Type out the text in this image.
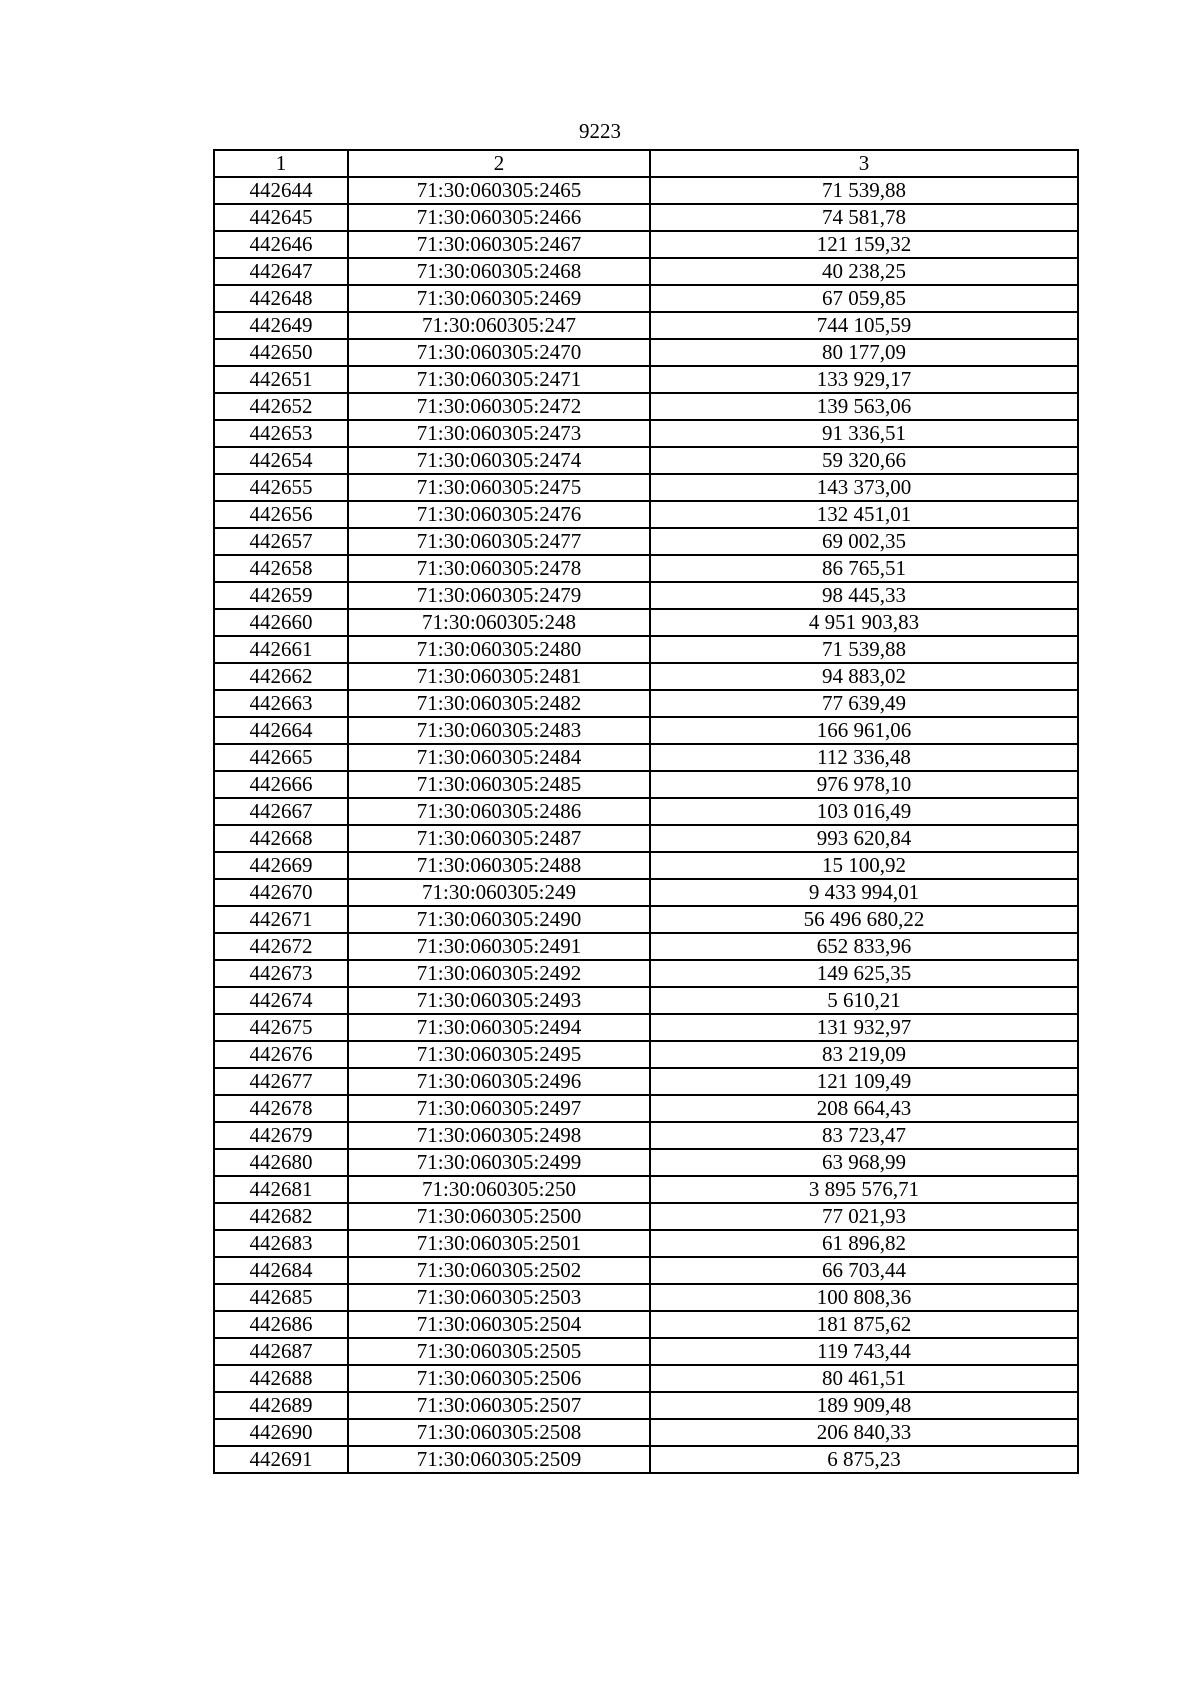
9223
1	2	3
442644	71:30:060305:2465	71 539,88
442645	71:30:060305:2466	74 581,78
442646	71:30:060305:2467	121 159,32
442647	71:30:060305:2468	40 238,25
442648	71:30:060305:2469	67 059,85
442649	71:30:060305:247	744 105,59
442650	71:30:060305:2470	80 177,09
442651	71:30:060305:2471	133 929,17
442652	71:30:060305:2472	139 563,06
442653	71:30:060305:2473	91 336,51
442654	71:30:060305:2474	59 320,66
442655	71:30:060305:2475	143 373,00
442656	71:30:060305:2476	132 451,01
442657	71:30:060305:2477	69 002,35
442658	71:30:060305:2478	86 765,51
442659	71:30:060305:2479	98 445,33
442660	71:30:060305:248	4 951 903,83
442661	71:30:060305:2480	71 539,88
442662	71:30:060305:2481	94 883,02
442663	71:30:060305:2482	77 639,49
442664	71:30:060305:2483	166 961,06
442665	71:30:060305:2484	112 336,48
442666	71:30:060305:2485	976 978,10
442667	71:30:060305:2486	103 016,49
442668	71:30:060305:2487	993 620,84
442669	71:30:060305:2488	15 100,92
442670	71:30:060305:249	9 433 994,01
442671	71:30:060305:2490	56 496 680,22
442672	71:30:060305:2491	652 833,96
442673	71:30:060305:2492	149 625,35
442674	71:30:060305:2493	5 610,21
442675	71:30:060305:2494	131 932,97
442676	71:30:060305:2495	83 219,09
442677	71:30:060305:2496	121 109,49
442678	71:30:060305:2497	208 664,43
442679	71:30:060305:2498	83 723,47
442680	71:30:060305:2499	63 968,99
442681	71:30:060305:250	3 895 576,71
442682	71:30:060305:2500	77 021,93
442683	71:30:060305:2501	61 896,82
442684	71:30:060305:2502	66 703,44
442685	71:30:060305:2503	100 808,36
442686	71:30:060305:2504	181 875,62
442687	71:30:060305:2505	119 743,44
442688	71:30:060305:2506	80 461,51
442689	71:30:060305:2507	189 909,48
442690	71:30:060305:2508	206 840,33
442691	71:30:060305:2509	6 875,23
